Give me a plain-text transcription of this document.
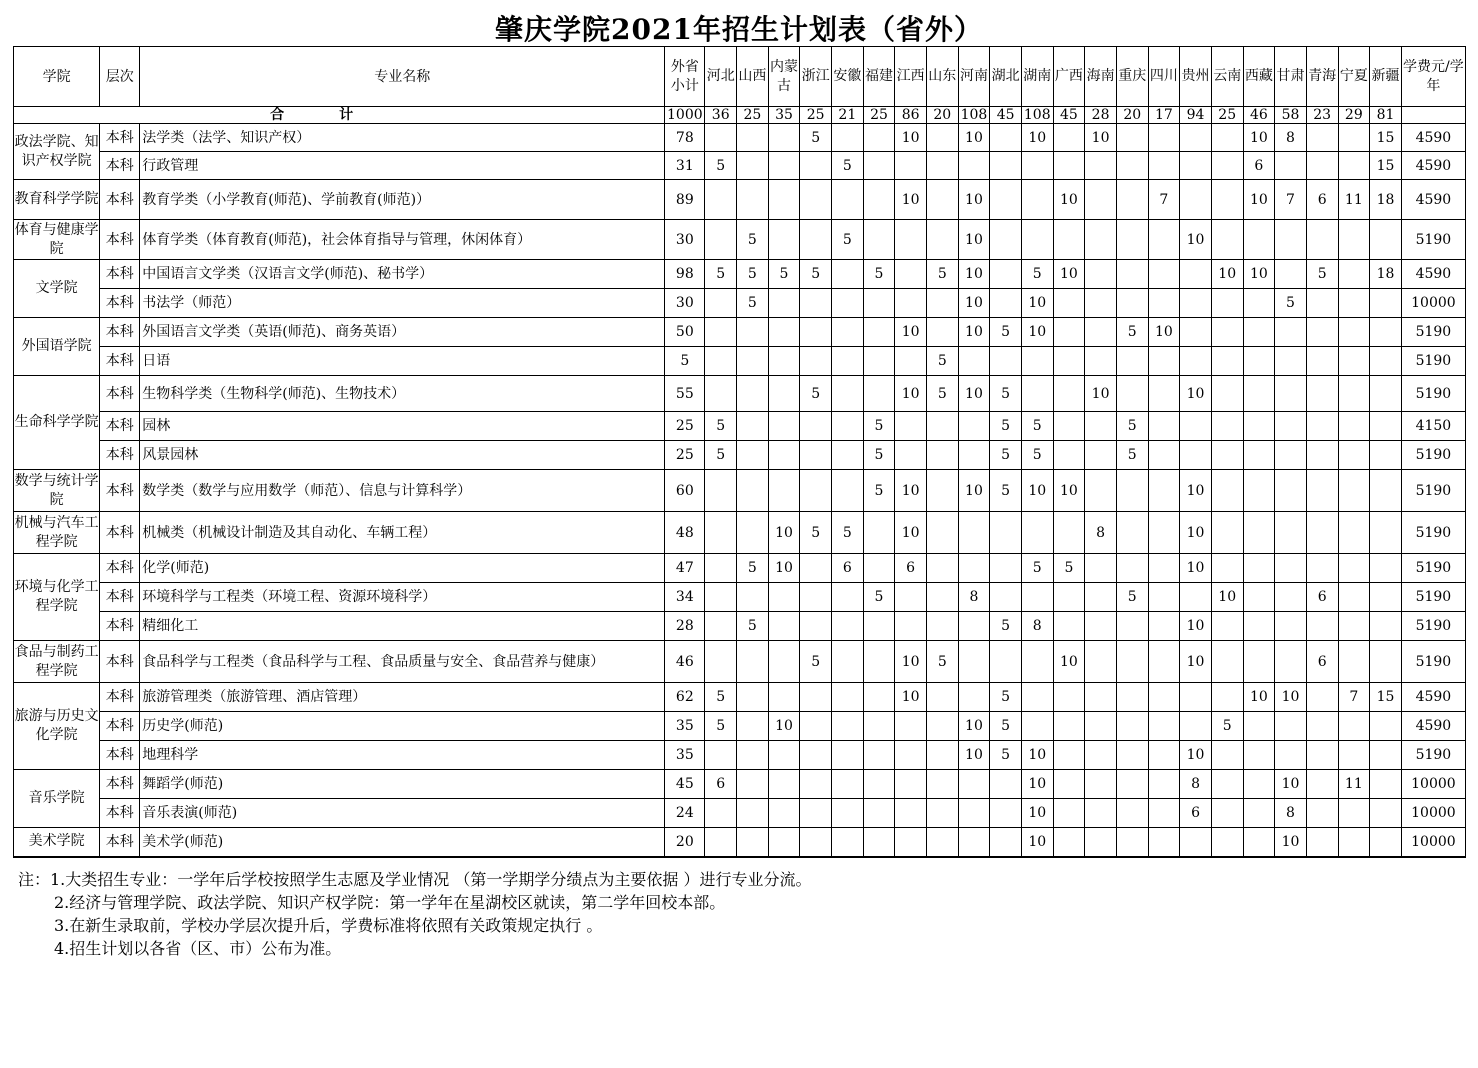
肇庆学院2021年招生计划表（省外）
学院	层次	专业名称	外省小计	河北	山西	内蒙古	浙江	安徽	福建	江西	山东	河南	湖北	湖南	广西	海南	重庆	四川	贵州	云南	西藏	甘肃	青海	宁夏	新疆	学费元/学年
合计			1000	36	25	35	25	21	25	86	20	108	45	108	45	28	20	17	94	25	46	58	23	29	81	
政法学院、知识产权学院	本科	法学类（法学、知识产权）	78				5			10		10		10		10					10	8			15	4590
	本科	行政管理	31	5				5													6				15	4590
教育科学学院	本科	教育学类（小学教育(师范)、学前教育(师范)）	89							10		10			10			7			10	7	6	11	18	4590
体育与健康学院	本科	体育学类（体育教育(师范)，社会体育指导与管理，休闲体育）	30		5			5				10							10							5190
文学院	本科	中国语言文学类（汉语言文学(师范)、秘书学）	98	5	5	5	5		5		5	10		5	10					10	10		5		18	4590
	本科	书法学（师范）	30		5							10		10								5				10000
外国语学院	本科	外国语言文学类（英语(师范)、商务英语）	50							10		10	5	10			5	10								5190
	本科	日语	5								5															5190
生命科学学院	本科	生物科学类（生物科学(师范)、生物技术）	55				5			10	5	10	5			10			10							5190
	本科	园林	25	5					5				5	5			5									4150
	本科	风景园林	25	5					5				5	5			5									5190
数学与统计学院	本科	数学类（数学与应用数学（师范）、信息与计算科学）	60						5	10		10	5	10	10				10							5190
机械与汽车工程学院	本科	机械类（机械设计制造及其自动化、车辆工程）	48			10	5	5		10						8			10							5190
环境与化学工程学院	本科	化学(师范)	47		5	10		6		6				5	5				10							5190
	本科	环境科学与工程类（环境工程、资源环境科学）	34						5			8					5			10			6			5190
	本科	精细化工	28		5								5	8					10							5190
食品与制药工程学院	本科	食品科学与工程类（食品科学与工程、食品质量与安全、食品营养与健康）	46				5			10	5				10				10				6			5190
旅游与历史文化学院	本科	旅游管理类（旅游管理、酒店管理）	62	5						10			5								10	10		7	15	4590
	本科	历史学(师范)	35	5		10						10	5							5						4590
	本科	地理科学	35									10	5	10					10							5190
音乐学院	本科	舞蹈学(师范)	45	6										10					8			10		11		10000
	本科	音乐表演(师范)	24											10					6			8				10000
美术学院	本科	美术学(师范)	20											10								10				10000
注：1.大类招生专业：一学年后学校按照学生志愿及学业情况 （第一学期学分绩点为主要依据 ）进行专业分流。
2.经济与管理学院、政法学院、知识产权学院：第一学年在星湖校区就读，第二学年回校本部。
3.在新生录取前，学校办学层次提升后，学费标准将依照有关政策规定执行 。
4.招生计划以各省（区、市）公布为准。
